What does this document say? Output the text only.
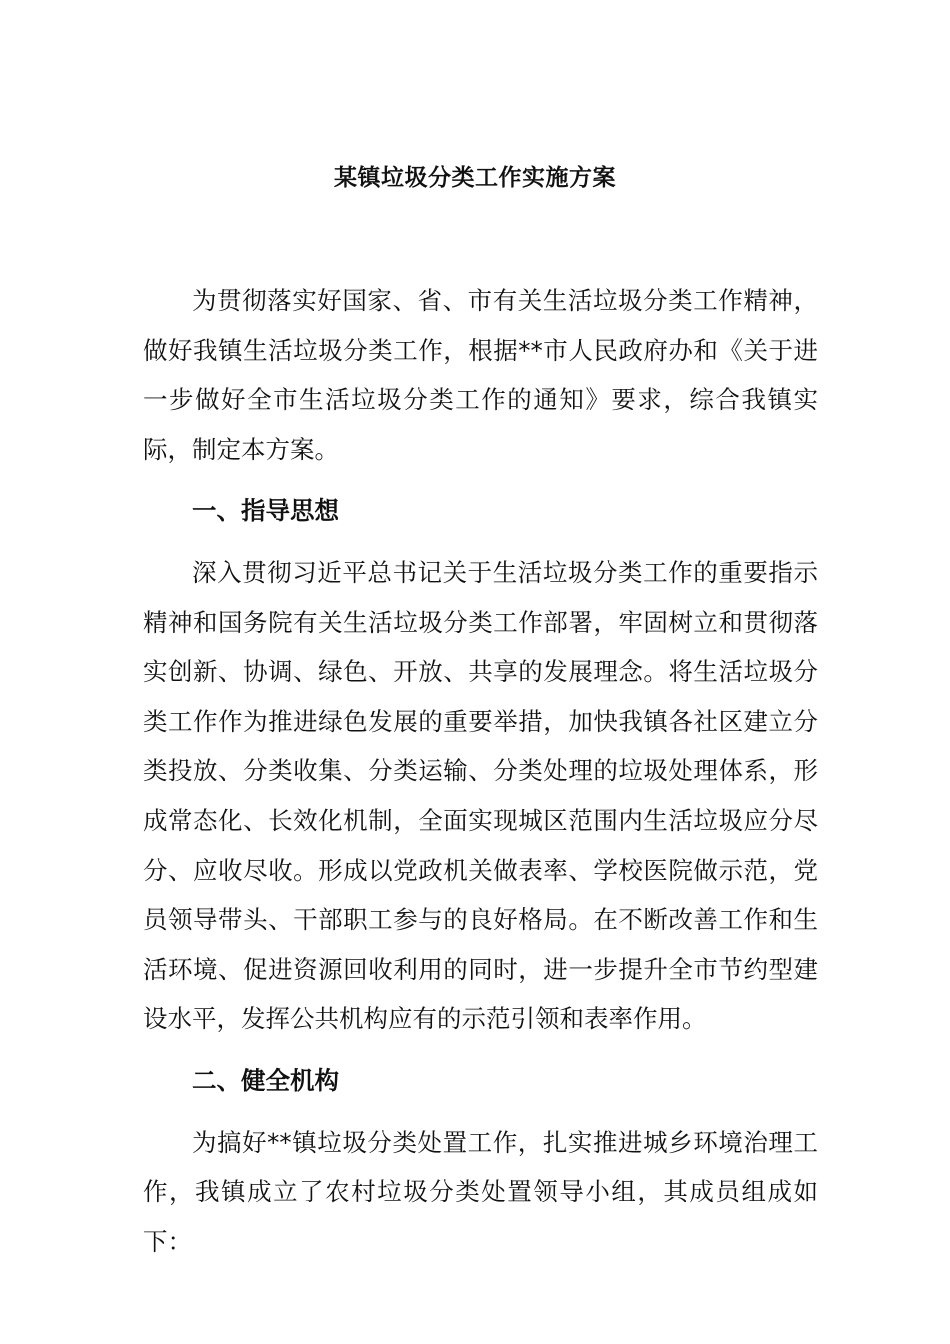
某镇垃圾分类工作实施方案

为贯彻落实好国家、省、市有关生活垃圾分类工作精神，做好我镇生活垃圾分类工作，根据**市人民政府办和《关于进一步做好全市生活垃圾分类工作的通知》要求，综合我镇实际，制定本方案。

一、指导思想

深入贯彻习近平总书记关于生活垃圾分类工作的重要指示精神和国务院有关生活垃圾分类工作部署，牢固树立和贯彻落实创新、协调、绿色、开放、共享的发展理念。将生活垃圾分类工作作为推进绿色发展的重要举措，加快我镇各社区建立分类投放、分类收集、分类运输、分类处理的垃圾处理体系，形成常态化、长效化机制，全面实现城区范围内生活垃圾应分尽分、应收尽收。形成以党政机关做表率、学校医院做示范，党员领导带头、干部职工参与的良好格局。在不断改善工作和生活环境、促进资源回收利用的同时，进一步提升全市节约型建设水平，发挥公共机构应有的示范引领和表率作用。

二、健全机构

为搞好**镇垃圾分类处置工作，扎实推进城乡环境治理工作，我镇成立了农村垃圾分类处置领导小组，其成员组成如下：
